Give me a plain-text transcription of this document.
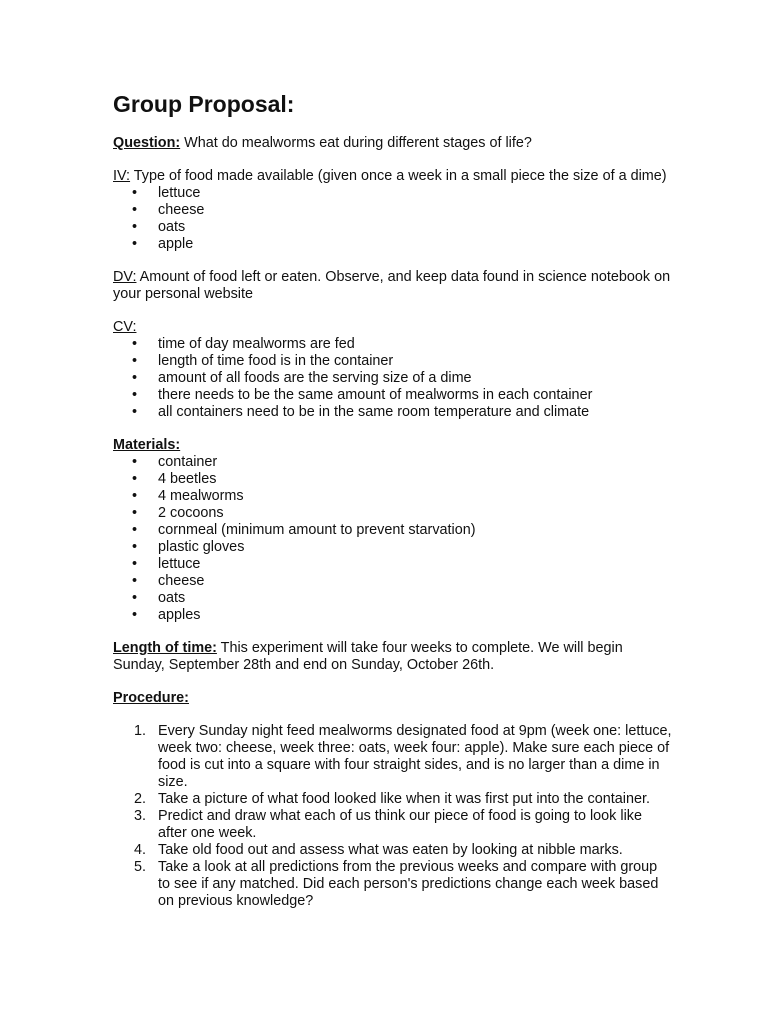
Group Proposal:

Question: What do mealworms eat during different stages of life?

IV: Type of food made available (given once a week in a small piece the size of a dime)

• lettuce
• cheese
• oats
• apple

DV: Amount of food left or eaten. Observe, and keep data found in science notebook on your personal website

CV:

• time of day mealworms are fed
• length of time food is in the container
• amount of all foods are the serving size of a dime
• there needs to be the same amount of mealworms in each container
• all containers need to be in the same room temperature and climate

Materials:

• container
• 4 beetles
• 4 mealworms
• 2 cocoons
• cornmeal (minimum amount to prevent starvation)
• plastic gloves
• lettuce
• cheese
• oats
• apples

Length of time: This experiment will take four weeks to complete. We will begin Sunday, September 28th and end on Sunday, October 26th.

Procedure:

1. Every Sunday night feed mealworms designated food at 9pm (week one: lettuce, week two: cheese, week three: oats, week four: apple). Make sure each piece of food is cut into a square with four straight sides, and is no larger than a dime in size.
2. Take a picture of what food looked like when it was first put into the container.
3. Predict and draw what each of us think our piece of food is going to look like after one week.
4. Take old food out and assess what was eaten by looking at nibble marks.
5. Take a look at all predictions from the previous weeks and compare with group to see if any matched. Did each person's predictions change each week based on previous knowledge?
